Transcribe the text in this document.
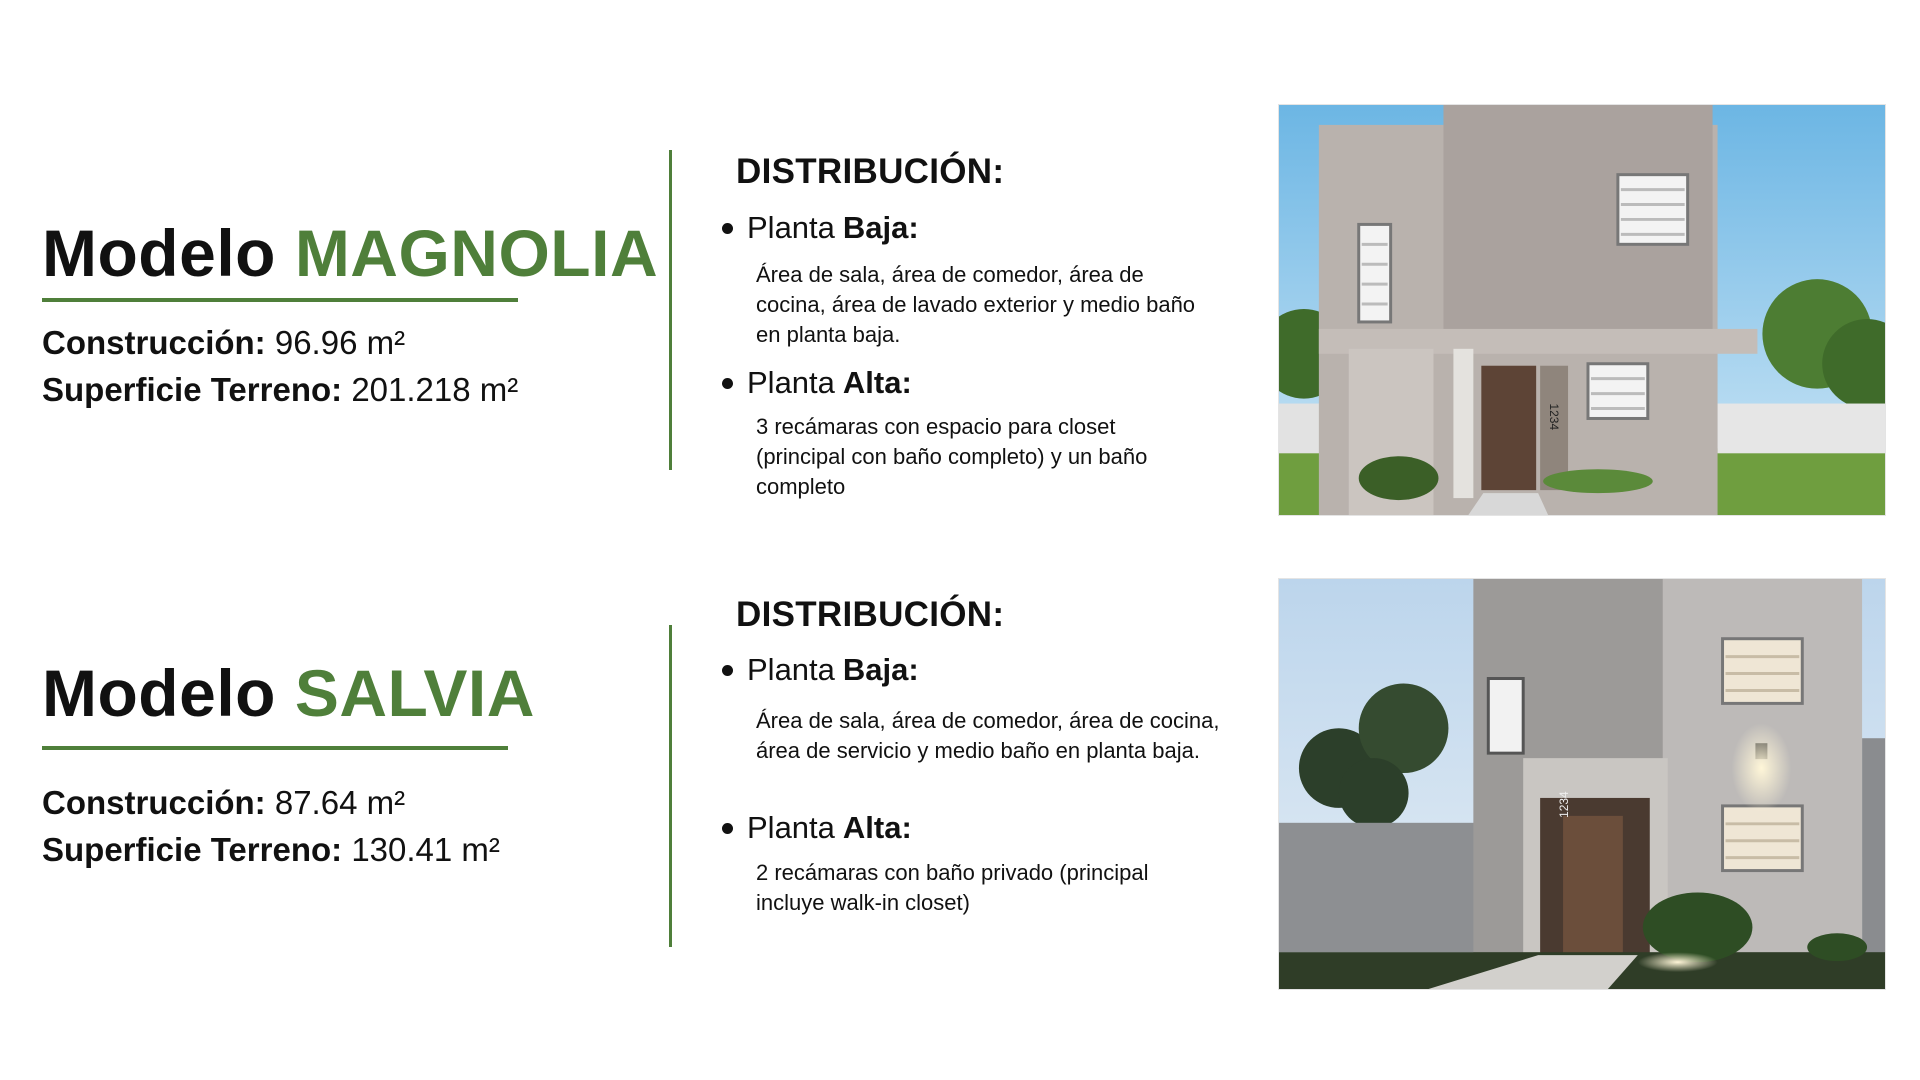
Modelo MAGNOLIA
Construcción: 96.96 m²
Superficie Terreno: 201.218 m²
DISTRIBUCIÓN:
Planta Baja:
Área de sala, área de comedor, área de cocina, área de lavado exterior y medio baño en planta baja.
Planta Alta:
3 recámaras con espacio para closet (principal con baño completo) y un baño completo
1234
Modelo SALVIA
Construcción: 87.64 m²
Superficie Terreno: 130.41 m²
DISTRIBUCIÓN:
Planta Baja:
Área de sala, área de comedor, área de cocina, área de servicio y medio baño en planta baja.
Planta Alta:
2 recámaras con baño privado (principal incluye walk-in closet)
1234
